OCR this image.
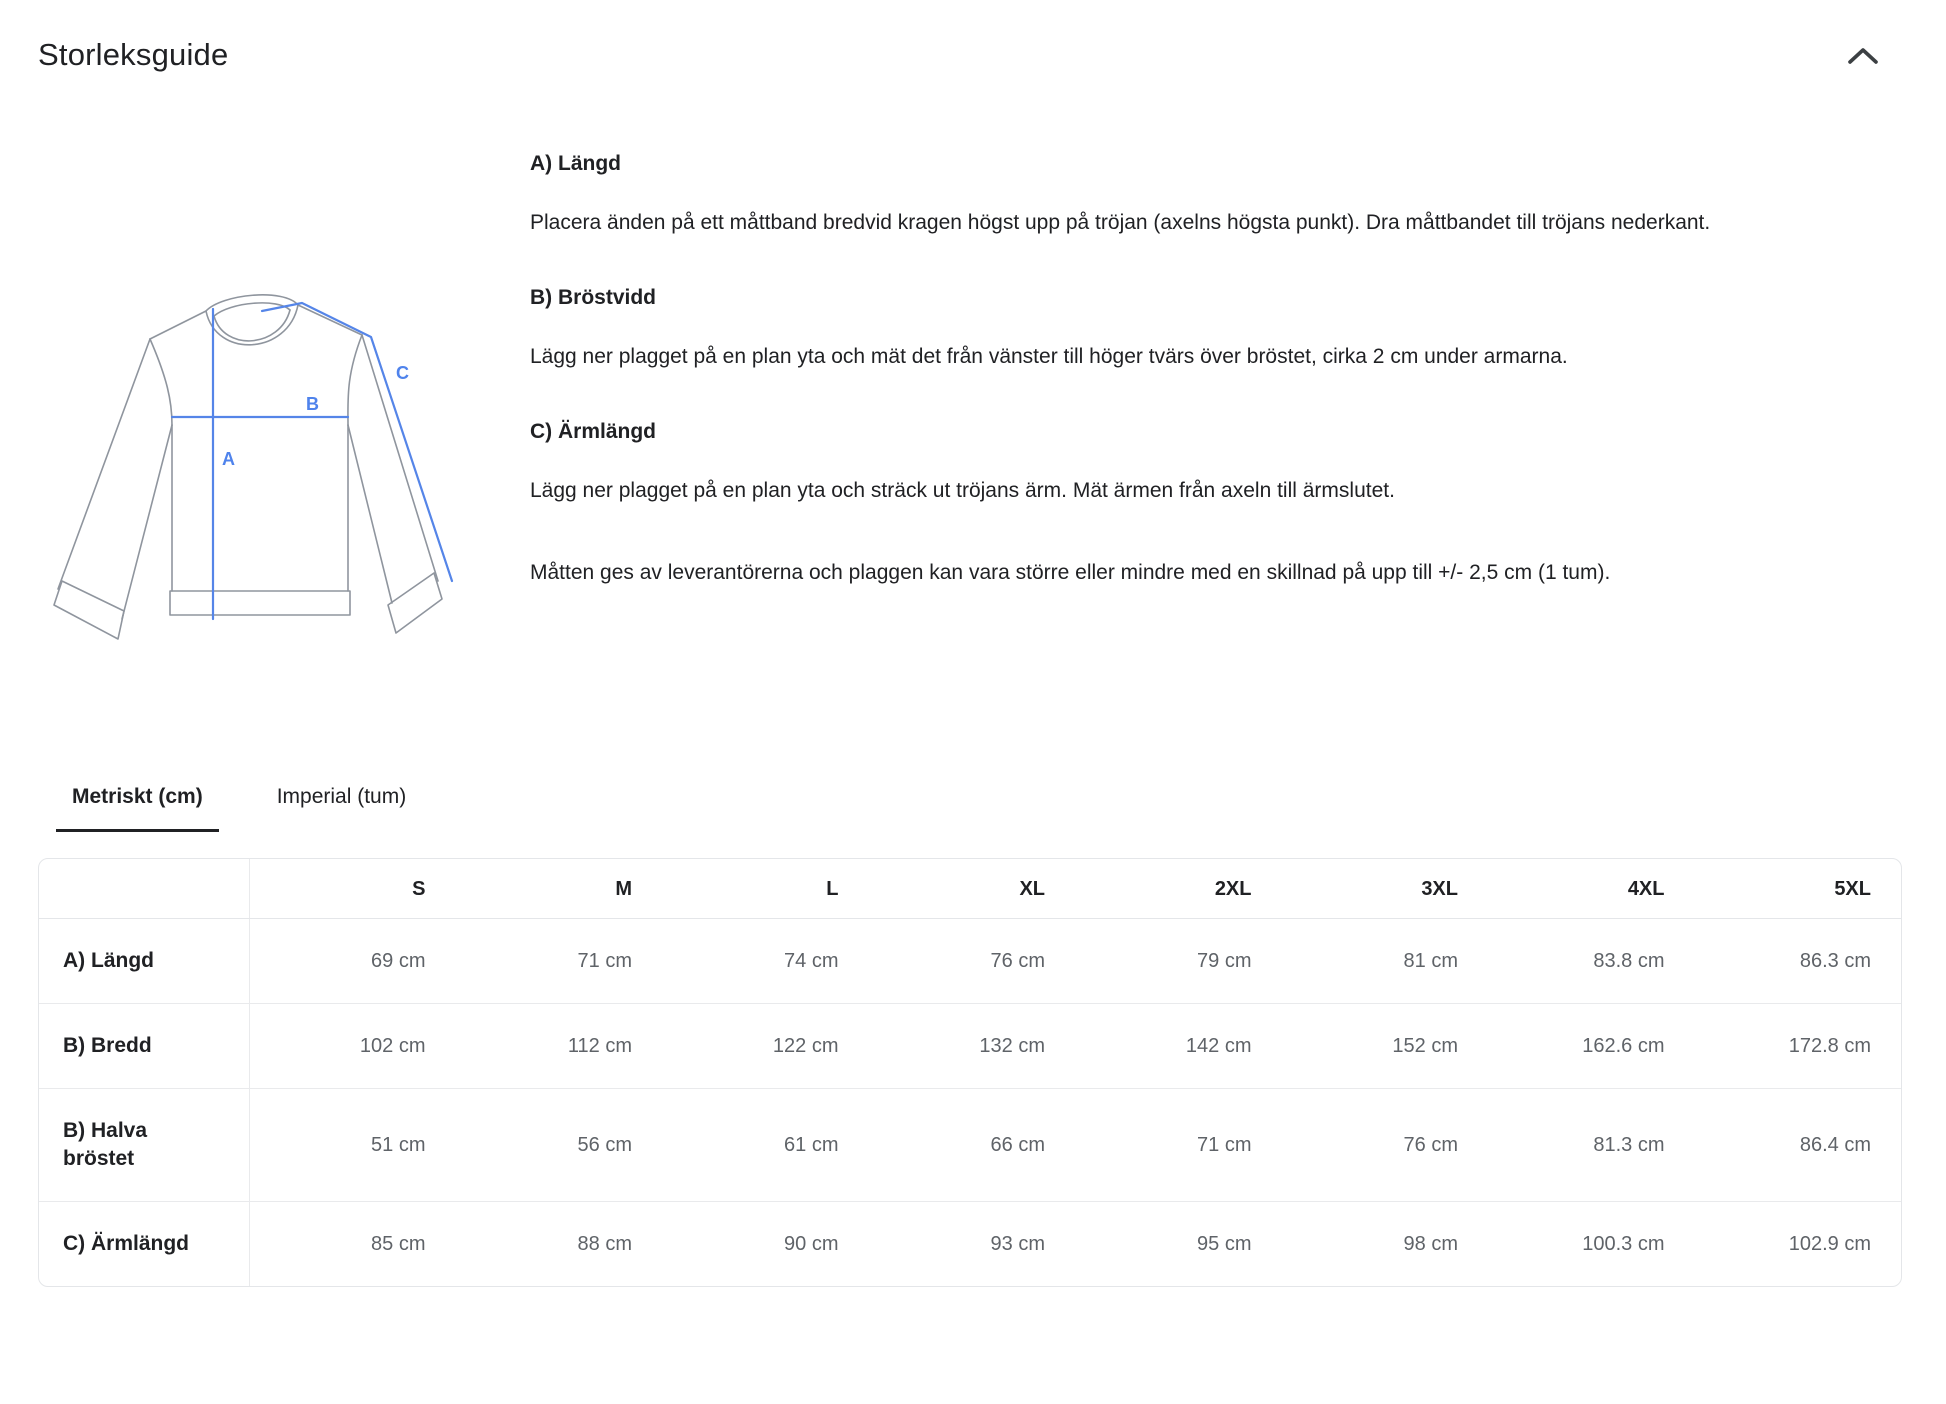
Storleksguide
A
B
C
A) Längd

Placera änden på ett måttband bredvid kragen högst upp på tröjan (axelns högsta punkt). Dra måttbandet till tröjans nederkant.

B) Bröstvidd

Lägg ner plagget på en plan yta och mät det från vänster till höger tvärs över bröstet, cirka 2 cm under armarna.

C) Ärmlängd

Lägg ner plagget på en plan yta och sträck ut tröjans ärm. Mät ärmen från axeln till ärmslutet.

Måtten ges av leverantörerna och plaggen kan vara större eller mindre med en skillnad på upp till +/- 2,5 cm (1 tum).

Metriskt (cm)	Imperial (tum)
	S	M	L	XL	2XL	3XL	4XL	5XL
A) Längd	69 cm	71 cm	74 cm	76 cm	79 cm	81 cm	83.8 cm	86.3 cm
B) Bredd	102 cm	112 cm	122 cm	132 cm	142 cm	152 cm	162.6 cm	172.8 cm
B) Halva bröstet	51 cm	56 cm	61 cm	66 cm	71 cm	76 cm	81.3 cm	86.4 cm
C) Ärmlängd	85 cm	88 cm	90 cm	93 cm	95 cm	98 cm	100.3 cm	102.9 cm
